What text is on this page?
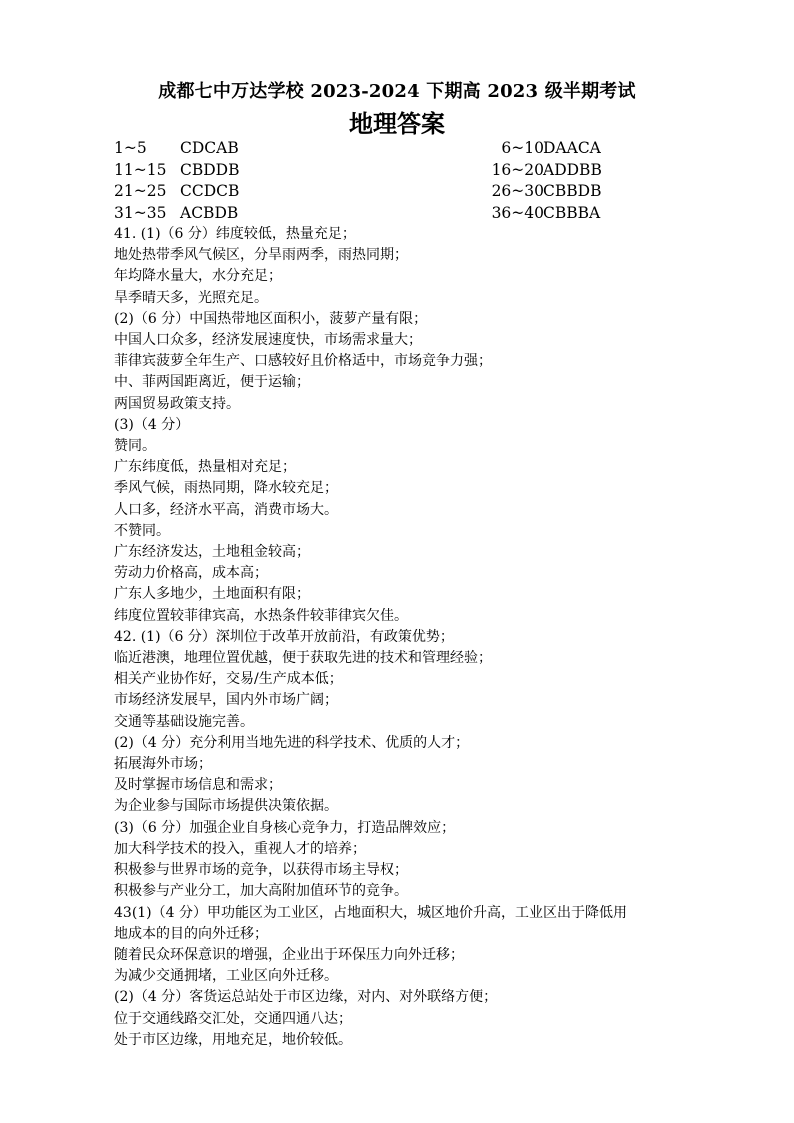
成都七中万达学校 2023-2024 下期高 2023 级半期考试
地理答案
1~5 CDCAB	6~10 DAACA
11~15 CBDDB	16~20 ADDBB
21~25 CCDCB	26~30 CBBDB
31~35 ACBDB	36~40 CBBBA
41. (1)（6 分）纬度较低，热量充足；
地处热带季风气候区，分旱雨两季，雨热同期；
年均降水量大，水分充足；
旱季晴天多，光照充足。
(2)（6 分）中国热带地区面积小，菠萝产量有限；
中国人口众多，经济发展速度快，市场需求量大；
菲律宾菠萝全年生产、口感较好且价格适中，市场竞争力强；
中、菲两国距离近，便于运输；
两国贸易政策支持。
(3)（4 分）
赞同。
广东纬度低，热量相对充足；
季风气候，雨热同期，降水较充足；
人口多，经济水平高，消费市场大。
不赞同。
广东经济发达，土地租金较高；
劳动力价格高，成本高；
广东人多地少，土地面积有限；
纬度位置较菲律宾高，水热条件较菲律宾欠佳。
42. (1)（6 分）深圳位于改革开放前沿，有政策优势；
临近港澳，地理位置优越，便于获取先进的技术和管理经验；
相关产业协作好，交易/生产成本低；
市场经济发展早，国内外市场广阔；
交通等基础设施完善。
(2)（4 分）充分利用当地先进的科学技术、优质的人才；
拓展海外市场；
及时掌握市场信息和需求；
为企业参与国际市场提供决策依据。
(3)（6 分）加强企业自身核心竞争力，打造品牌效应；
加大科学技术的投入，重视人才的培养；
积极参与世界市场的竞争，以获得市场主导权；
积极参与产业分工，加大高附加值环节的竞争。
43(1)（4 分）甲功能区为工业区，占地面积大，城区地价升高，工业区出于降低用
地成本的目的向外迁移；
随着民众环保意识的增强，企业出于环保压力向外迁移；
为减少交通拥堵，工业区向外迁移。
(2)（4 分）客货运总站处于市区边缘，对内、对外联络方便；
位于交通线路交汇处，交通四通八达；
处于市区边缘，用地充足，地价较低。
